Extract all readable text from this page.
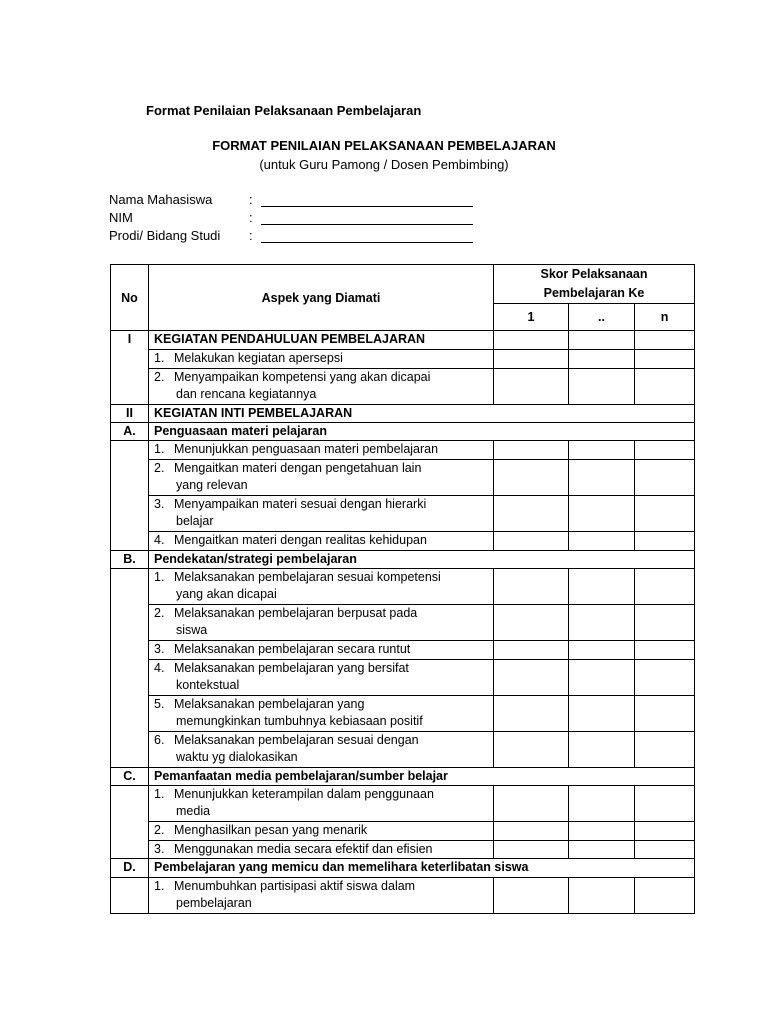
Format Penilaian Pelaksanaan Pembelajaran
FORMAT PENILAIAN PELAKSANAAN PEMBELAJARAN
(untuk Guru Pamong / Dosen Pembimbing)
Nama Mahasiswa	:
NIM	:
Prodi/ Bidang Studi :
No	Aspek yang Diamati	Skor Pelaksanaan
Pembelajaran Ke		
		1	..	n
I	KEGIATAN PENDAHULUAN PEMBELAJARAN			
	1. Melakukan kegiatan apersepsi			
	2. Menyampaikan kompetensi yang akan dicapai
dan rencana kegiatannya			

II	KEGIATAN INTI PEMBELAJARAN			
A.	Penguasaan materi pelajaran			
	1. Menunjukkan penguasaan materi pembelajaran			
	2. Mengaitkan materi dengan pengetahuan lain
yang relevan			

	3. Menyampaikan materi sesuai dengan hierarki
belajar			

	4. Mengaitkan materi dengan realitas kehidupan			
B.	Pendekatan/strategi pembelajaran			
	1. Melaksanakan pembelajaran sesuai kompetensi
yang akan dicapai			

	2. Melaksanakan pembelajaran berpusat pada
siswa			

	3. Melaksanakan pembelajaran secara runtut			
	4. Melaksanakan pembelajaran yang bersifat
kontekstual			

	5. Melaksanakan pembelajaran yang
memungkinkan tumbuhnya kebiasaan positif			

	6. Melaksanakan pembelajaran sesuai dengan
waktu yg dialokasikan			

C.	Pemanfaatan media pembelajaran/sumber belajar			
	1. Menunjukkan keterampilan dalam penggunaan
media			

	2. Menghasilkan pesan yang menarik			
	3. Menggunakan media secara efektif dan efisien			
D.	Pembelajaran yang memicu dan memelihara keterlibatan siswa			
	1. Menumbuhkan partisipasi aktif siswa dalam
pembelajaran			
